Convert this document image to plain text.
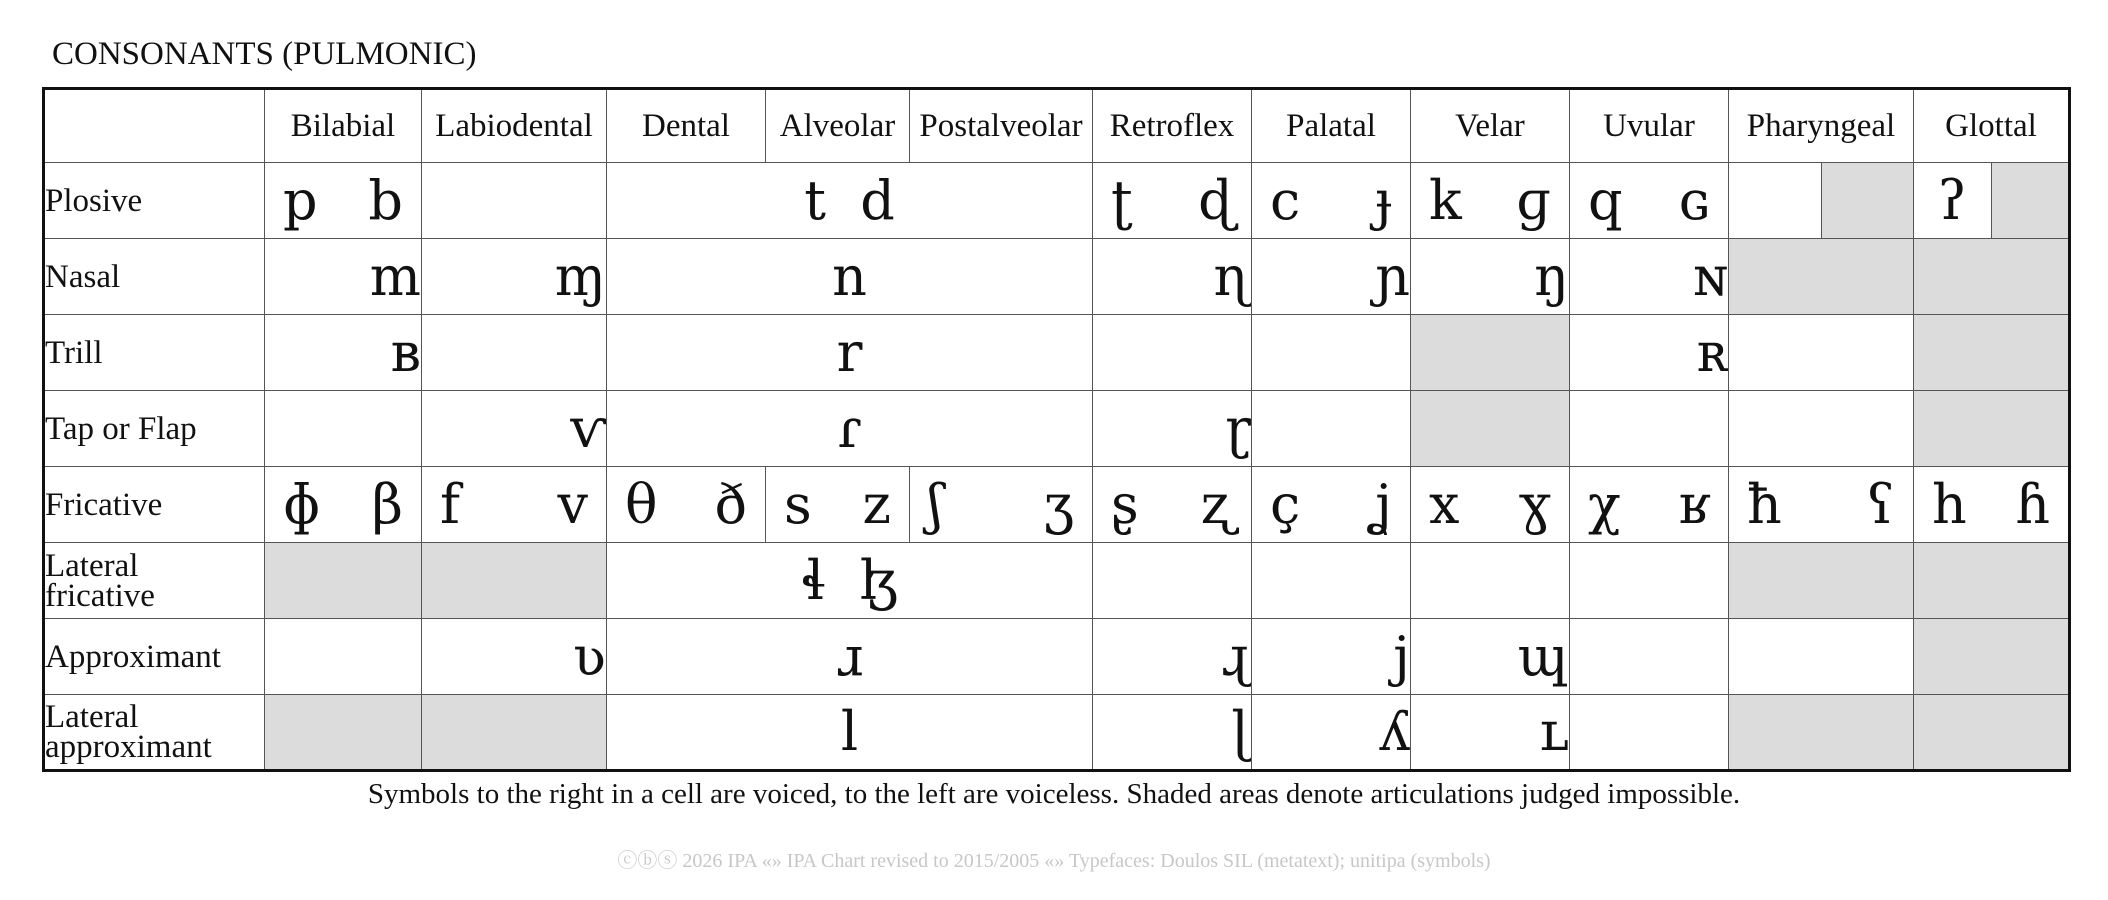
CONSONANTS (PULMONIC)
	Bilabial	Labiodental	Dental	Alveolar	Postalveolar	Retroflex	Palatal	Velar	Uvular	Pharyngeal	Glottal
Plosive	p b		t d			ʈ ɖ	c ɟ	k ɡ	q ɢ		ʔ

Nasal	m	ɱ	n			ɳ	ɲ	ŋ	ɴ		
Trill	ʙ		r						ʀ		
Tap or Flap		ⱱ	ɾ			ɽ					
Fricative	ɸ β	f v	θ ð	s z	ʃ ʒ	ʂ ʐ	ç ʝ	x ɣ	χ ʁ	ħ ʕ	h ɦ

Lateral
fricative			ɬ ɮ								
Approximant		ʋ	ɹ			ɻ	j	ɰ			
Lateral
approximant			l			ɭ	ʎ	ʟ			
Symbols to the right in a cell are voiced, to the left are voiceless. Shaded areas denote articulations judged impossible.
ⓒⓑⓢ 2026 IPA «» IPA Chart revised to 2015/2005 «» Typefaces: Doulos SIL (metatext); unitipa (symbols)
